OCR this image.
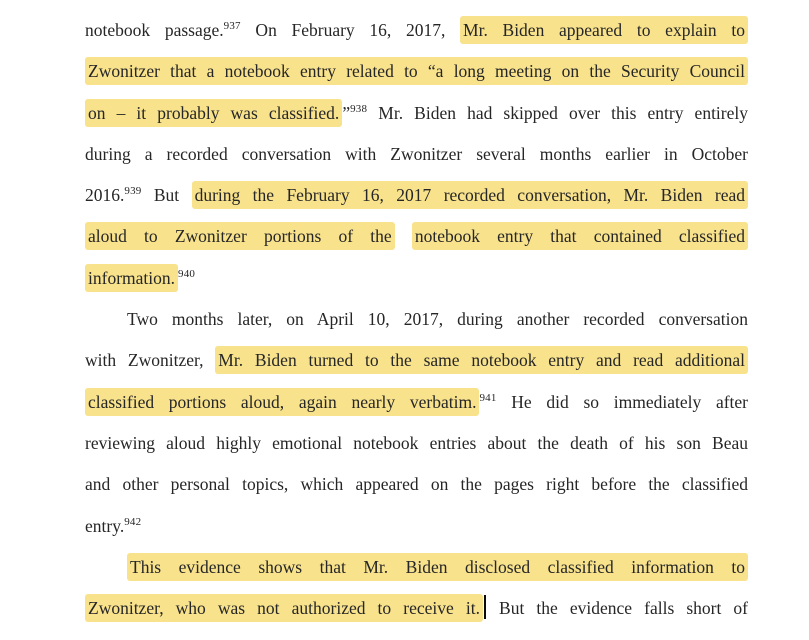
notebook passage.$^{937}$ On February 16, 2017, Mr. Biden appeared to explain to
Zwonitzer that a notebook entry related to “a long meeting on the Security Council
on – it probably was classified. ”$^{938}$ Mr. Biden had skipped over this entry entirely
during a recorded conversation with Zwonitzer several months earlier in October
2016.$^{939}$ But during the February 16, 2017 recorded conversation, Mr. Biden read
aloud to Zwonitzer portions of the notebook entry that contained classified
information. $^{940}$
Two months later, on April 10, 2017, during another recorded conversation
with Zwonitzer, Mr. Biden turned to the same notebook entry and read additional
classified portions aloud, again nearly verbatim. $^{941}$ He did so immediately after
reviewing aloud highly emotional notebook entries about the death of his son Beau
and other personal topics, which appeared on the pages right before the classified
entry.$^{942}$
This evidence shows that Mr. Biden disclosed classified information to
Zwonitzer, who was not authorized to receive it. But the evidence falls short of
